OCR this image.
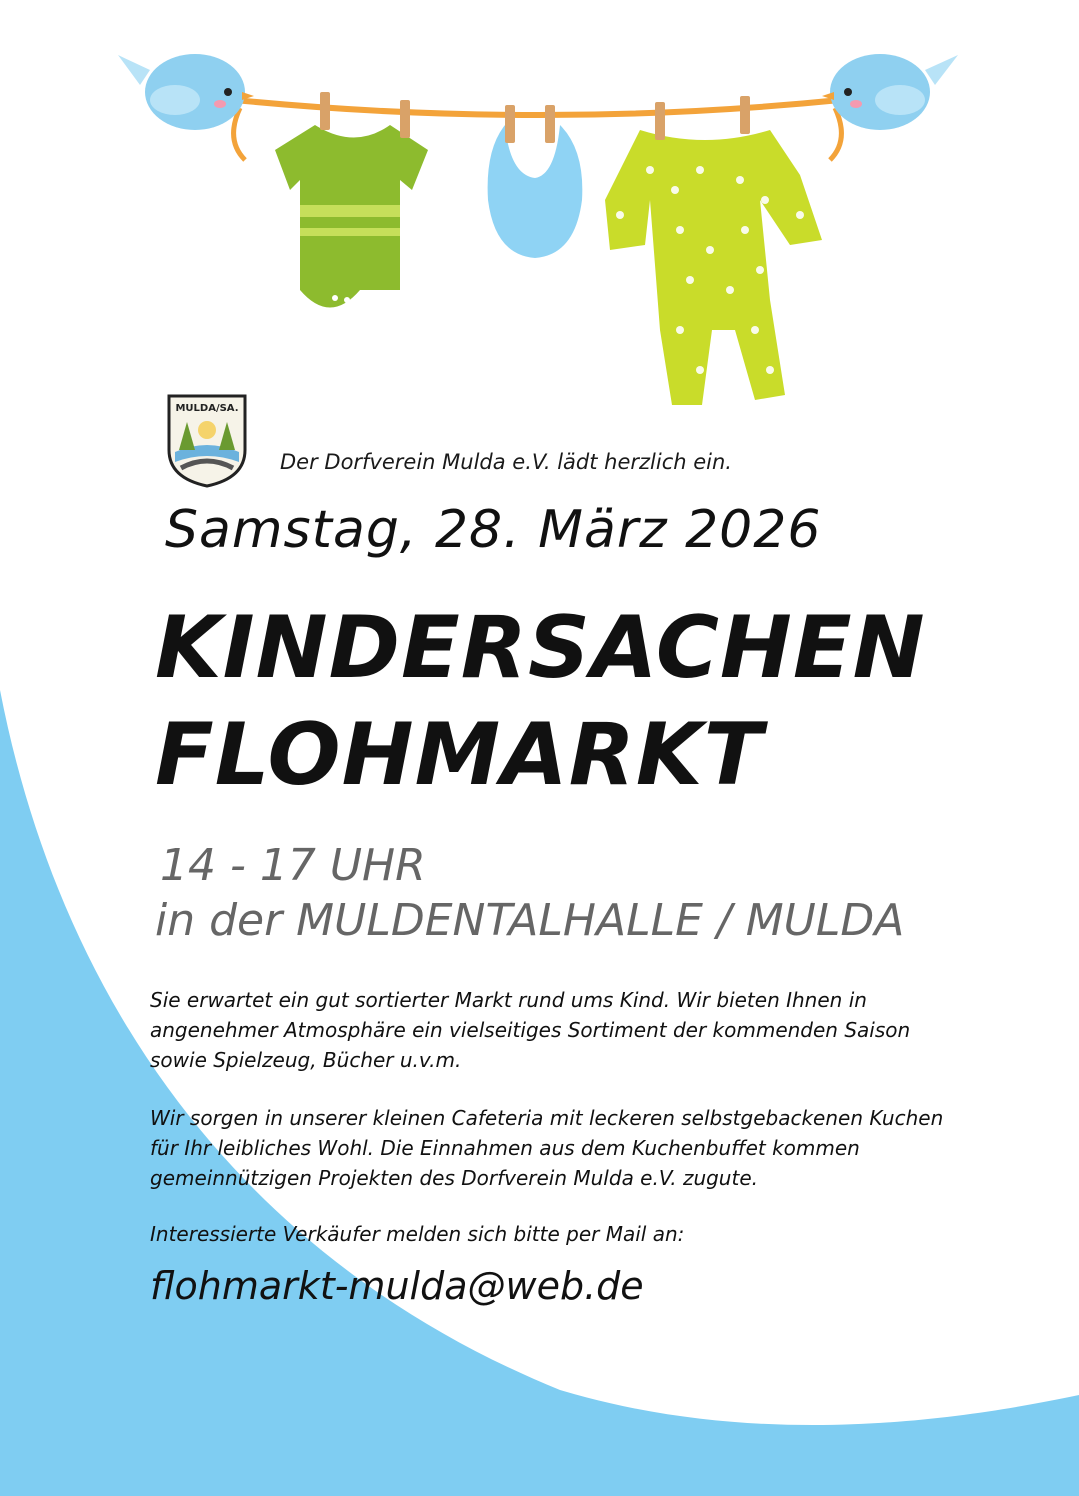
MULDA/SA.
Der Dorfverein Mulda e.V. lädt herzlich ein.
Samstag, 28. März 2026
KINDERSACHEN
FLOHMARKT
14 - 17 UHR
in der MULDENTALHALLE / MULDA
Sie erwartet ein gut sortierter Markt rund ums Kind. Wir bieten Ihnen in angenehmer Atmosphäre ein vielseitiges Sortiment der kommenden Saison sowie Spielzeug, Bücher u.v.m.
Wir sorgen in unserer kleinen Cafeteria mit leckeren selbstgebackenen Kuchen für Ihr leibliches Wohl. Die Einnahmen aus dem Kuchenbuffet kommen gemeinnützigen Projekten des Dorfverein Mulda e.V. zugute.
Interessierte Verkäufer melden sich bitte per Mail an:
flohmarkt-mulda@web.de
